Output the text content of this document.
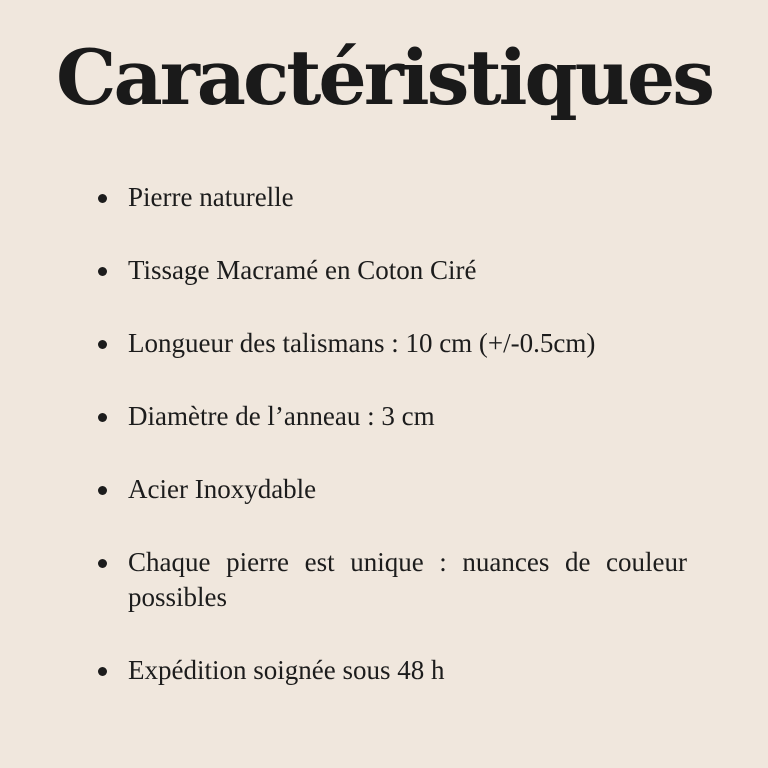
Caractéristiques
Pierre naturelle
Tissage Macramé en Coton Ciré
Longueur des talismans : 10 cm (+/-0.5cm)
Diamètre de l’anneau : 3 cm
Acier Inoxydable
Chaque pierre est unique : nuances de couleur possibles
Expédition soignée sous 48 h
